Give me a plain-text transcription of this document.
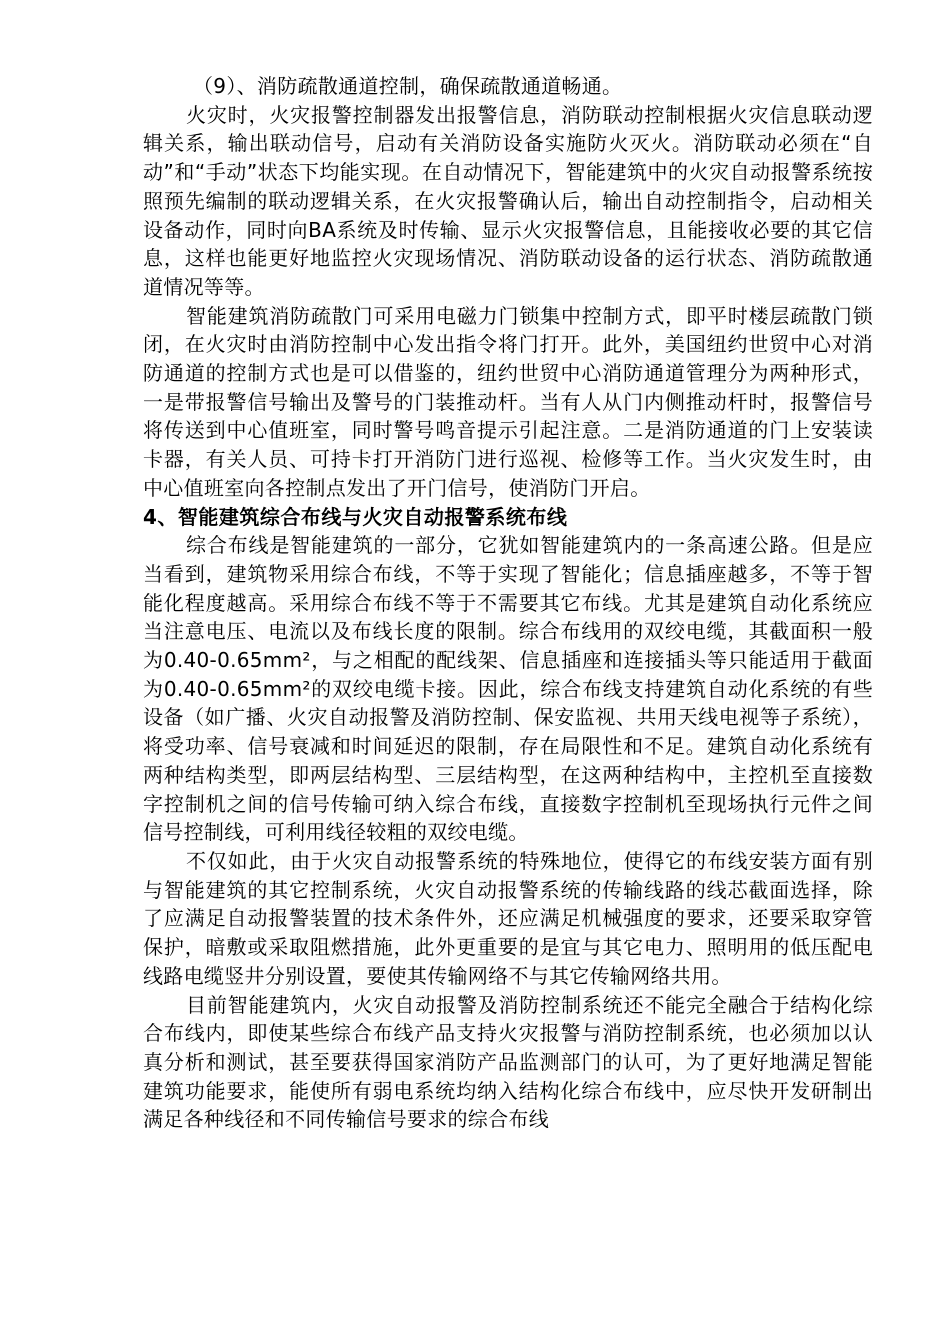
（9）、消防疏散通道控制，确保疏散通道畅通。

火灾时，火灾报警控制器发出报警信息，消防联动控制根据火灾信息联动逻辑关系，输出联动信号，启动有关消防设备实施防火灭火。消防联动必须在“自动”和“手动”状态下均能实现。在自动情况下，智能建筑中的火灾自动报警系统按照预先编制的联动逻辑关系，在火灾报警确认后，输出自动控制指令，启动相关设备动作，同时向BA系统及时传输、显示火灾报警信息，且能接收必要的其它信息，这样也能更好地监控火灾现场情况、消防联动设备的运行状态、消防疏散通道情况等等。

智能建筑消防疏散门可采用电磁力门锁集中控制方式，即平时楼层疏散门锁闭，在火灾时由消防控制中心发出指令将门打开。此外，美国纽约世贸中心对消防通道的控制方式也是可以借鉴的，纽约世贸中心消防通道管理分为两种形式，一是带报警信号输出及警号的门装推动杆。当有人从门内侧推动杆时，报警信号将传送到中心值班室，同时警号鸣音提示引起注意。二是消防通道的门上安装读卡器，有关人员、可持卡打开消防门进行巡视、检修等工作。当火灾发生时，由中心值班室向各控制点发出了开门信号，使消防门开启。

4、智能建筑综合布线与火灾自动报警系统布线

综合布线是智能建筑的一部分，它犹如智能建筑内的一条高速公路。但是应当看到，建筑物采用综合布线，不等于实现了智能化；信息插座越多，不等于智能化程度越高。采用综合布线不等于不需要其它布线。尤其是建筑自动化系统应当注意电压、电流以及布线长度的限制。综合布线用的双绞电缆，其截面积一般为0.40-0.65mm²，与之相配的配线架、信息插座和连接插头等只能适用于截面为0.40-0.65mm²的双绞电缆卡接。因此，综合布线支持建筑自动化系统的有些设备（如广播、火灾自动报警及消防控制、保安监视、共用天线电视等子系统），将受功率、信号衰减和时间延迟的限制，存在局限性和不足。建筑自动化系统有两种结构类型，即两层结构型、三层结构型，在这两种结构中，主控机至直接数字控制机之间的信号传输可纳入综合布线，直接数字控制机至现场执行元件之间信号控制线，可利用线径较粗的双绞电缆。

不仅如此，由于火灾自动报警系统的特殊地位，使得它的布线安装方面有别与智能建筑的其它控制系统，火灾自动报警系统的传输线路的线芯截面选择，除了应满足自动报警装置的技术条件外，还应满足机械强度的要求，还要采取穿管保护，暗敷或采取阻燃措施，此外更重要的是宜与其它电力、照明用的低压配电线路电缆竖井分别设置，要使其传输网络不与其它传输网络共用。

目前智能建筑内，火灾自动报警及消防控制系统还不能完全融合于结构化综合布线内，即使某些综合布线产品支持火灾报警与消防控制系统，也必须加以认真分析和测试，甚至要获得国家消防产品监测部门的认可，为了更好地满足智能建筑功能要求，能使所有弱电系统均纳入结构化综合布线中，应尽快开发研制出满足各种线径和不同传输信号要求的综合布线
